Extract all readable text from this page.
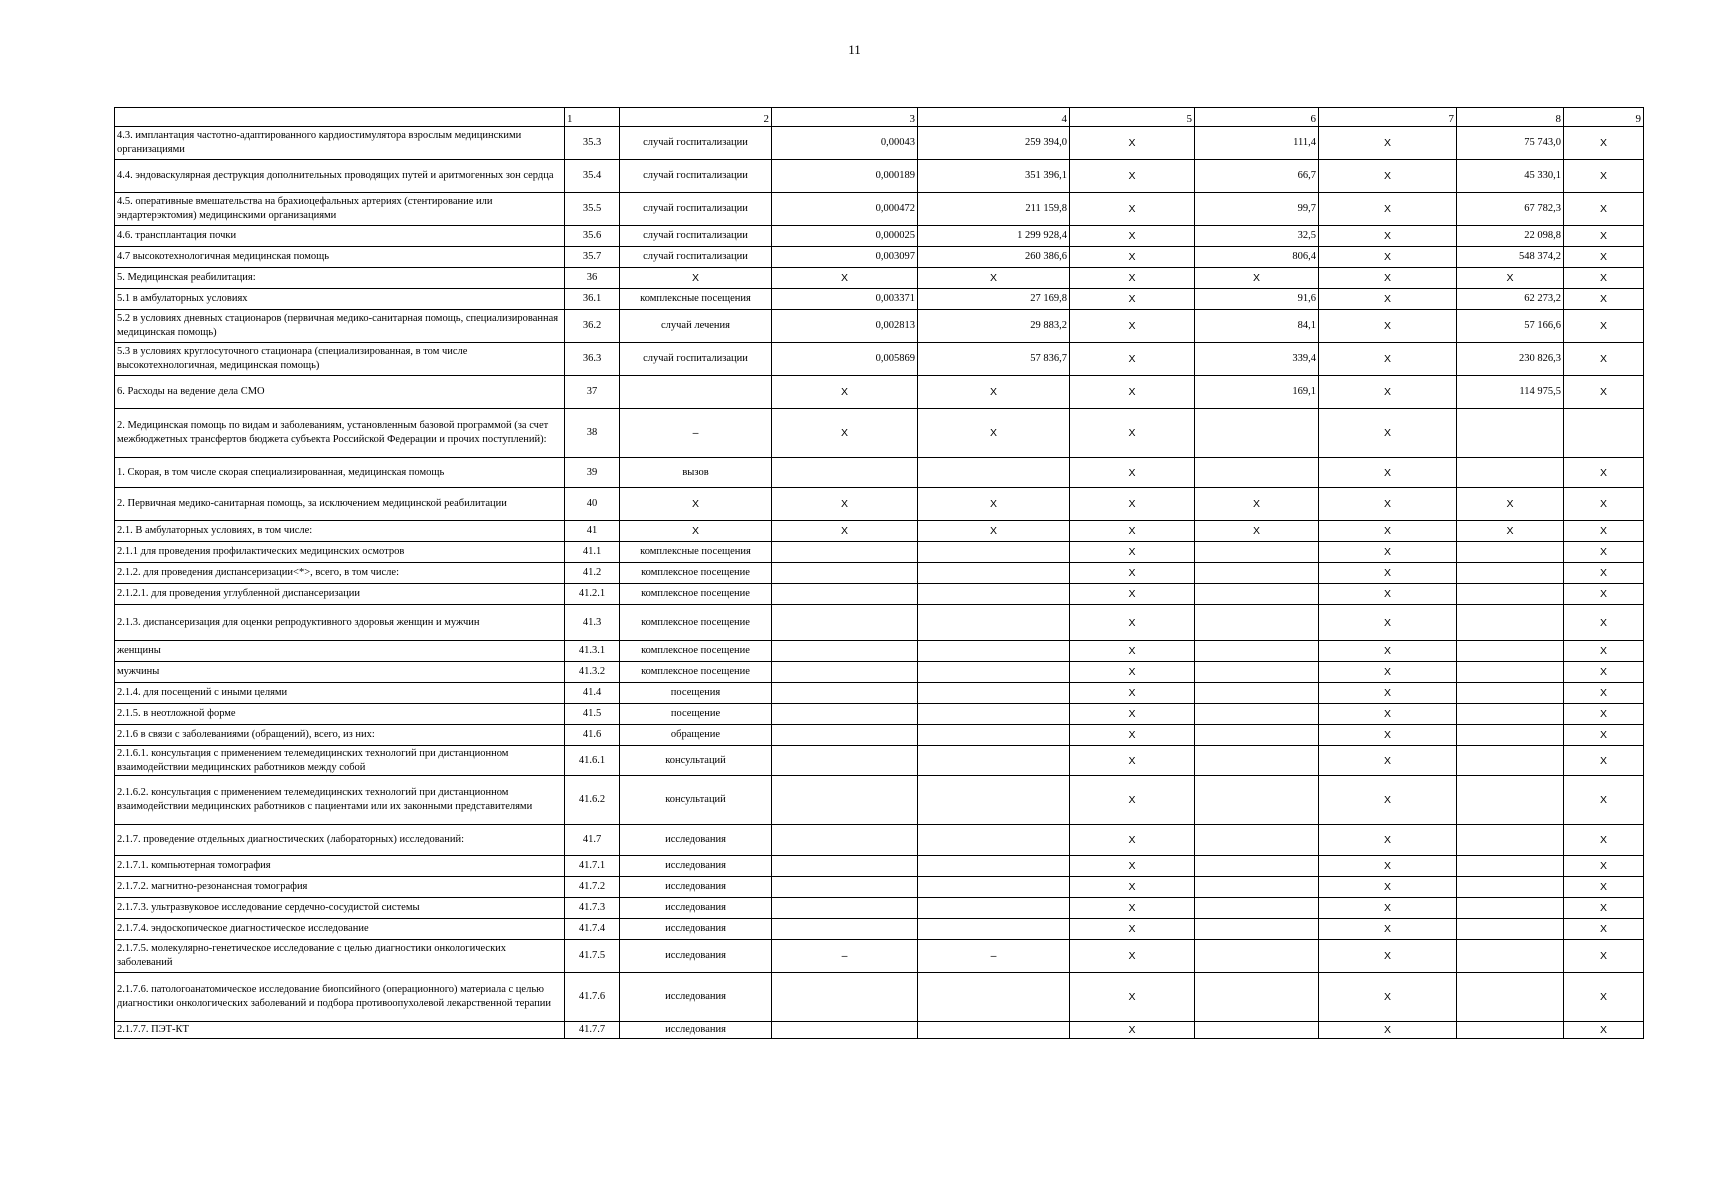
11
	1	2	3	4	5	6	7	8	9
4.3. имплантация частотно-адаптированного кардиостимулятора взрослым медицинскими организациями	35.3	случай госпитализации	0,00043	259 394,0	X	111,4	X	75 743,0	X
4.4. эндоваскулярная деструкция дополнительных проводящих путей и аритмогенных зон сердца	35.4	случай госпитализации	0,000189	351 396,1	X	66,7	X	45 330,1	X
4.5. оперативные вмешательства на брахиоцефальных артериях (стентирование или эндартерэктомия) медицинскими организациями	35.5	случай госпитализации	0,000472	211 159,8	X	99,7	X	67 782,3	X
4.6. трансплантация почки	35.6	случай госпитализации	0,000025	1 299 928,4	X	32,5	X	22 098,8	X
4.7 высокотехнологичная медицинская помощь	35.7	случай госпитализации	0,003097	260 386,6	X	806,4	X	548 374,2	X
5. Медицинская реабилитация:	36	X	X	X	X	X	X	X	X
5.1 в амбулаторных условиях	36.1	комплексные посещения	0,003371	27 169,8	X	91,6	X	62 273,2	X
5.2 в условиях дневных стационаров (первичная медико-санитарная помощь, специализированная медицинская помощь)	36.2	случай лечения	0,002813	29 883,2	X	84,1	X	57 166,6	X
5.3 в условиях круглосуточного стационара (специализированная, в том числе высокотехнологичная, медицинская помощь)	36.3	случай госпитализации	0,005869	57 836,7	X	339,4	X	230 826,3	X
6. Расходы на ведение дела СМО	37		X	X	X	169,1	X	114 975,5	X
2. Медицинская помощь по видам и заболеваниям, установленным базовой программой (за счет межбюджетных трансфертов бюджета субъекта Российской Федерации и прочих поступлений):	38	–	X	X	X		X		
1. Скорая, в том числе скорая специализированная, медицинская помощь	39	вызов			X		X		X
2. Первичная медико-санитарная помощь, за исключением медицинской реабилитации	40	X	X	X	X	X	X	X	X
2.1. В амбулаторных условиях, в том числе:	41	X	X	X	X	X	X	X	X
2.1.1 для проведения профилактических медицинских осмотров	41.1	комплексные посещения			X		X		X
2.1.2. для проведения диспансеризации<*>, всего, в том числе:	41.2	комплексное посещение			X		X		X
2.1.2.1. для проведения углубленной диспансеризации	41.2.1	комплексное посещение			X		X		X
2.1.3. диспансеризация для оценки репродуктивного здоровья женщин и мужчин	41.3	комплексное посещение			X		X		X
женщины	41.3.1	комплексное посещение			X		X		X
мужчины	41.3.2	комплексное посещение			X		X		X
2.1.4. для посещений с иными целями	41.4	посещения			X		X		X
2.1.5. в неотложной форме	41.5	посещение			X		X		X
2.1.6 в связи с заболеваниями (обращений), всего, из них:	41.6	обращение			X		X		X
2.1.6.1. консультация с применением телемедицинских технологий при дистанционном взаимодействии медицинских работников между собой	41.6.1	консультаций			X		X		X
2.1.6.2. консультация с применением телемедицинских технологий при дистанционном взаимодействии медицинских работников с пациентами или их законными представителями	41.6.2	консультаций			X		X		X
2.1.7. проведение отдельных диагностических (лабораторных) исследований:	41.7	исследования			X		X		X
2.1.7.1. компьютерная томография	41.7.1	исследования			X		X		X
2.1.7.2. магнитно-резонансная томография	41.7.2	исследования			X		X		X
2.1.7.3. ультразвуковое исследование сердечно-сосудистой системы	41.7.3	исследования			X		X		X
2.1.7.4. эндоскопическое диагностическое исследование	41.7.4	исследования			X		X		X
2.1.7.5. молекулярно-генетическое исследование с целью диагностики онкологических заболеваний	41.7.5	исследования	–	–	X		X		X
2.1.7.6. патологоанатомическое исследование биопсийного (операционного) материала с целью диагностики онкологических заболеваний и подбора противоопухолевой лекарственной терапии	41.7.6	исследования			X		X		X
2.1.7.7. ПЭТ-КТ	41.7.7	исследования			X		X		X
